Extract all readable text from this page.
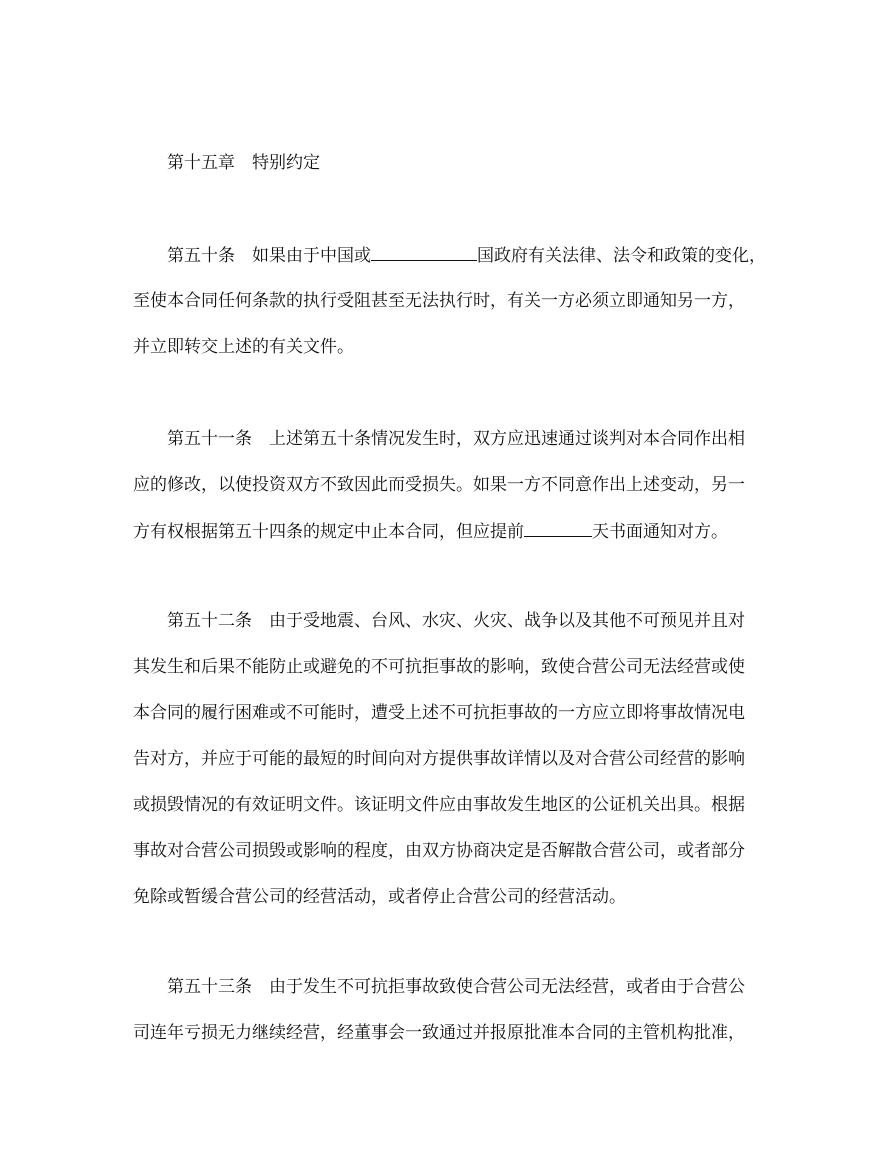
第十五章　特别约定
第五十条　如果由于中国或	国政府有关法律、法令和政策的变化，
至使本合同任何条款的执行受阻甚至无法执行时，有关一方必须立即通知另一方，
并立即转交上述的有关文件。
第五十一条　上述第五十条情况发生时，双方应迅速通过谈判对本合同作出相
应的修改，以使投资双方不致因此而受损失。如果一方不同意作出上述变动，另一
方有权根据第五十四条的规定中止本合同，但应提前	天书面通知对方。
第五十二条　由于受地震、台风、水灾、火灾、战争以及其他不可预见并且对
其发生和后果不能防止或避免的不可抗拒事故的影响，致使合营公司无法经营或使
本合同的履行困难或不可能时，遭受上述不可抗拒事故的一方应立即将事故情况电
告对方，并应于可能的最短的时间向对方提供事故详情以及对合营公司经营的影响
或损毁情况的有效证明文件。该证明文件应由事故发生地区的公证机关出具。根据
事故对合营公司损毁或影响的程度，由双方协商决定是否解散合营公司，或者部分
免除或暂缓合营公司的经营活动，或者停止合营公司的经营活动。
第五十三条　由于发生不可抗拒事故致使合营公司无法经营，或者由于合营公
司连年亏损无力继续经营，经董事会一致通过并报原批准本合同的主管机构批准，
